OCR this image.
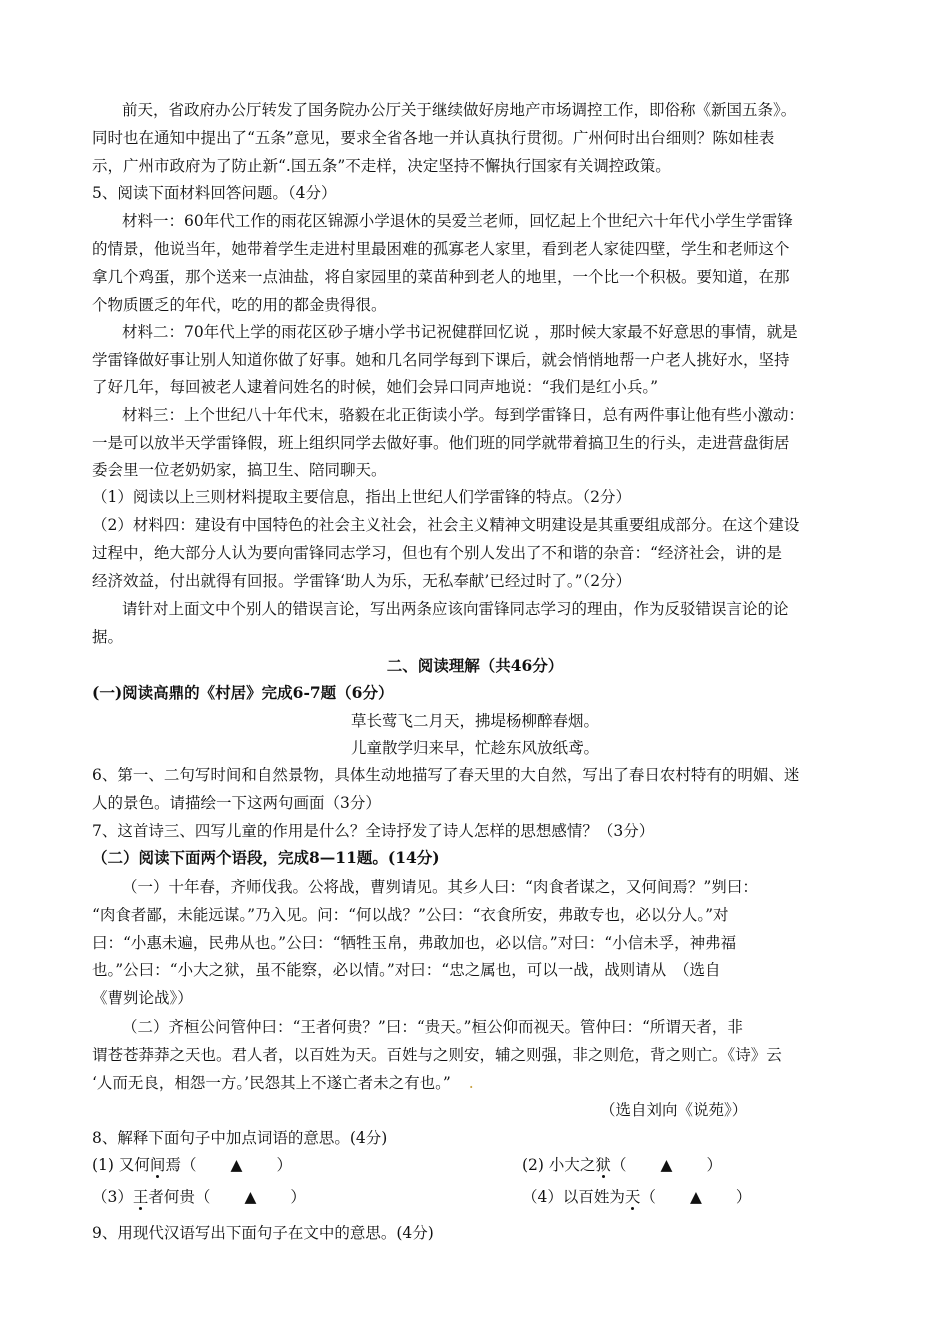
前天，省政府办公厅转发了国务院办公厅关于继续做好房地产市场调控工作，即俗称《新国五条》。
同时也在通知中提出了“五条”意见，要求全省各地一并认真执行贯彻。广州何时出台细则？陈如桂表
示，广州市政府为了防止新“.国五条”不走样，决定坚持不懈执行国家有关调控政策。
5、阅读下面材料回答问题。（4分）
材料一：60年代工作的雨花区锦源小学退休的吴爱兰老师，回忆起上个世纪六十年代小学生学雷锋
的情景，他说当年，她带着学生走进村里最困难的孤寡老人家里，看到老人家徒四壁，学生和老师这个
拿几个鸡蛋，那个送来一点油盐，将自家园里的菜苗种到老人的地里，一个比一个积极。要知道，在那
个物质匮乏的年代，吃的用的都金贵得很。
材料二：70年代上学的雨花区砂子塘小学书记祝健群回忆说 ，那时候大家最不好意思的事情，就是
学雷锋做好事让别人知道你做了好事。她和几名同学每到下课后，就会悄悄地帮一户老人挑好水，坚持
了好几年，每回被老人逮着问姓名的时候，她们会异口同声地说：“我们是红小兵。”
材料三：上个世纪八十年代末，骆毅在北正街读小学。每到学雷锋日，总有两件事让他有些小激动：
一是可以放半天学雷锋假，班上组织同学去做好事。他们班的同学就带着搞卫生的行头，走进营盘街居
委会里一位老奶奶家，搞卫生、陪同聊天。
（1）阅读以上三则材料提取主要信息，指出上世纪人们学雷锋的特点。（2分）
（2）材料四：建设有中国特色的社会主义社会，社会主义精神文明建设是其重要组成部分。在这个建设
过程中，绝大部分人认为要向雷锋同志学习，但也有个别人发出了不和谐的杂音：“经济社会，讲的是
经济效益，付出就得有回报。学雷锋‘助人为乐，无私奉献’已经过时了。”（2分）
请针对上面文中个别人的错误言论，写出两条应该向雷锋同志学习的理由，作为反驳错误言论的论
据。
二、阅读理解（共46分）
(一)阅读高鼎的《村居》完成6-7题（6分）
草长莺飞二月天，拂堤杨柳醉春烟。
儿童散学归来早，忙趁东风放纸鸢。
6、第一、二句写时间和自然景物，具体生动地描写了春天里的大自然，写出了春日农村特有的明媚、迷
人的景色。请描绘一下这两句画面（3分）
7、这首诗三、四写儿童的作用是什么？全诗抒发了诗人怎样的思想感情？（3分）
（二）阅读下面两个语段，完成8—11题。(14分)
（一）十年春，齐师伐我。公将战，曹刿请见。其乡人曰：“肉食者谋之，又何间焉？”刿曰：
“肉食者鄙，未能远谋。”乃入见。问：“何以战？”公曰：“衣食所安，弗敢专也，必以分人。”对
曰：“小惠未遍，民弗从也。”公曰：“牺牲玉帛，弗敢加也，必以信。”对曰：“小信未孚，神弗福
也。”公曰：“小大之狱，虽不能察，必以情。”对曰：“忠之属也，可以一战，战则请从　（选自
《曹刿论战》）
（二）齐桓公问管仲曰：“王者何贵？”曰：“贵天。”桓公仰而视天。管仲曰：“所谓天者，非
谓苍苍莽莽之天也。君人者，以百姓为天。百姓与之则安，辅之则强，非之则危，背之则亡。《诗》云
‘人而无良，相怨一方。’民怨其上不遂亡者未之有也。” .
（选自刘向《说苑》）
8、解释下面句子中加点词语的意思。(4分)
(1) 又何间焉（ ▲ ）	(2) 小大之狱（ ▲ ）
（3）王者何贵（ ▲ ）	（4）以百姓为天（ ▲ ）
9、用现代汉语写出下面句子在文中的意思。(4分)
